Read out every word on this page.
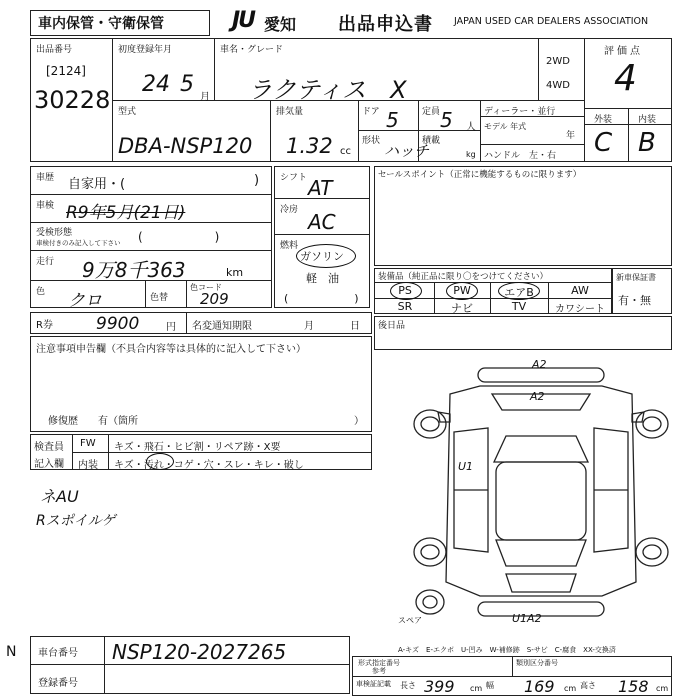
車内保管・守衛保管	JU 愛知 出品申込書 JAPAN USED CAR DEALERS ASSOCIATION
出品番号
[2124]
30228
初度登録年月
24 5
月
車名・グレード
ラクティス　X
2WD
4WD
評価点
4
外装	内装
C B
型式
DBA-NSP120
排気量
1.32 cc
ドア 5
形状
ハッチ
定員 5 人
積載
kg
ディーラー・並行
モデル 年式
年
ハンドル　左・右
車歴 自家用・(	)
車検 R9年5月(21日)
受検形態
車検付きのみ記入して下さい (　　　　　　)
走行 9万8千363	km
色 クロ	色替
色コード
209
シフト AT
冷房 AC
燃料
ガソリン
軽　油
(　　　　　　)
セールスポイント（正常に機能するものに限ります）
装備品（純正品に限り〇をつけてください）
PS	PW	エアB	AW
SR	ナビ	TV	カワシート
新車保証書
有・無
R券	9900	円 名変通知期限	月	日
注意事項申告欄（不具合内容等は具体的に記入して下さい）
修復歴　　有（箇所	）
後日品
検査員
記入欄
FW キズ・飛石・ヒビ割・リペア跡・X要
内装 キズ・汚れ・コゲ・穴・スレ・キレ・破し
ネAU
Rスポイルゲ
A2
A2
U1
U1A2
スペア
A-キズ　E-エクボ　U-凹み　W-補修跡　S-サビ　C-腐食　XX-交換済
N 車台番号 NSP120-2027265
登録番号
形式指定番号
参考
類別区分番号
車検証記載 長さ 399 cm 幅 169 cm 高さ 158 cm
